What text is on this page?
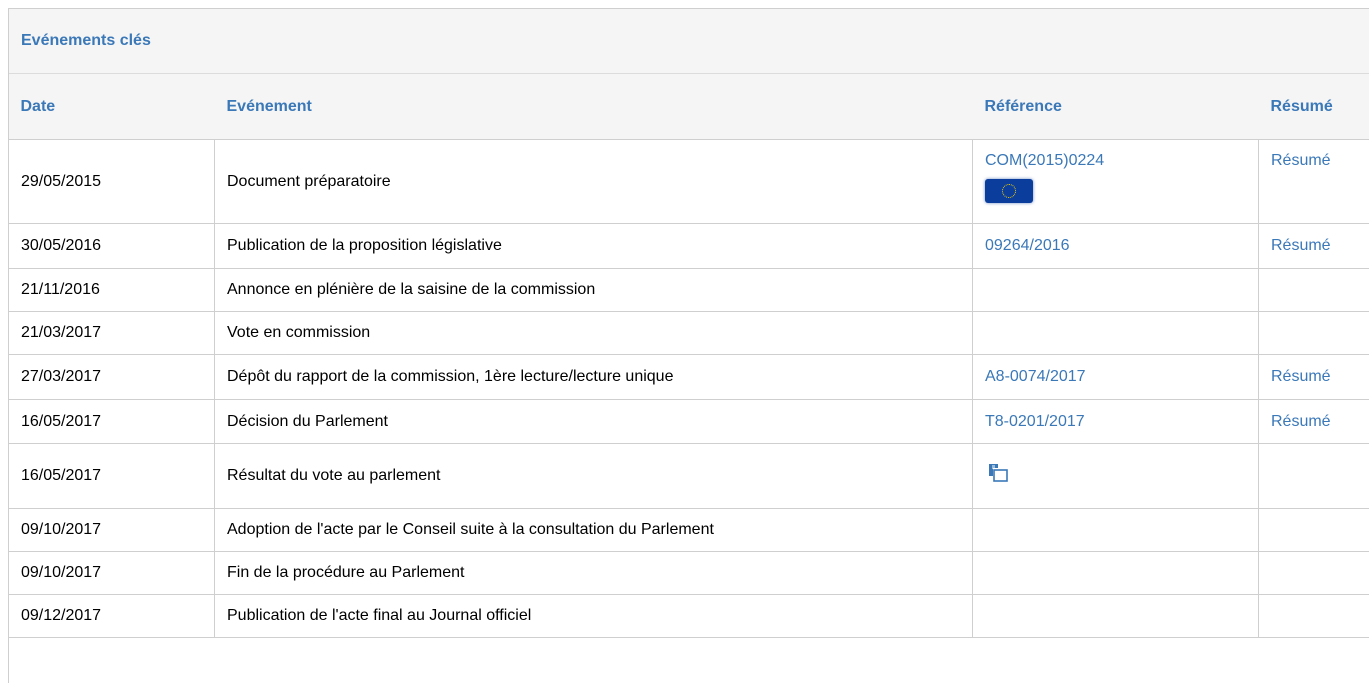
Evénements clés
Date	Evénement	Référence	Résumé
29/05/2015	Document préparatoire	COM(2015)0224	Résumé
30/05/2016	Publication de la proposition législative	09264/2016	Résumé
21/11/2016	Annonce en plénière de la saisine de la commission		
21/03/2017	Vote en commission		
27/03/2017	Dépôt du rapport de la commission, 1ère lecture/lecture unique	A8-0074/2017	Résumé
16/05/2017	Décision du Parlement	T8-0201/2017	Résumé
16/05/2017	Résultat du vote au parlement		
09/10/2017	Adoption de l'acte par le Conseil suite à la consultation du Parlement		
09/10/2017	Fin de la procédure au Parlement		
09/12/2017	Publication de l'acte final au Journal officiel		
